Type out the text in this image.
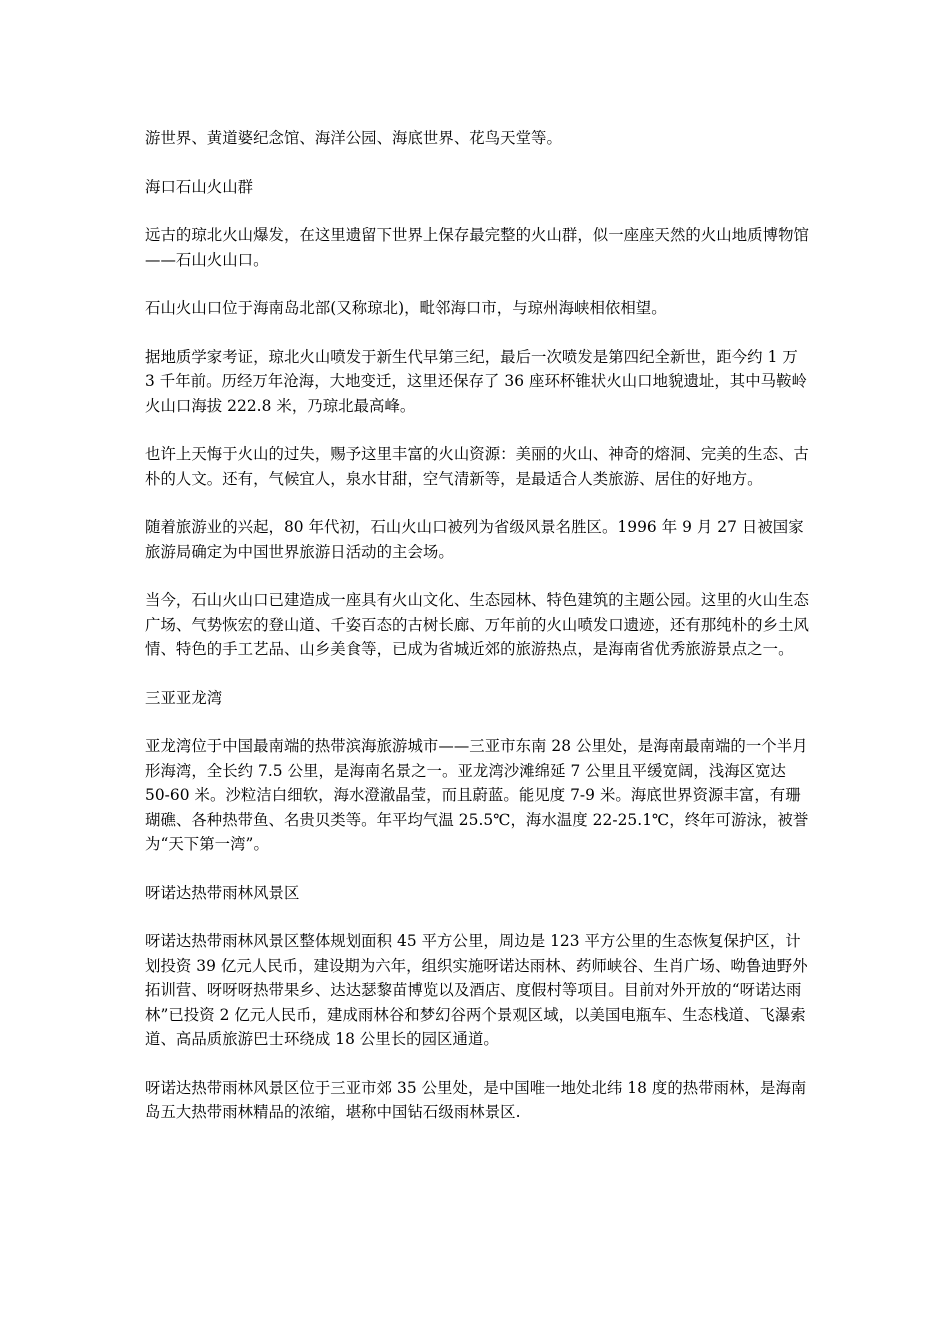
游世界、黄道婆纪念馆、海洋公园、海底世界、花鸟天堂等。

海口石山火山群

远古的琼北火山爆发，在这里遗留下世界上保存最完整的火山群，似一座座天然的火山地质博物馆——石山火山口。

石山火山口位于海南岛北部(又称琼北)，毗邻海口市，与琼州海峡相依相望。

据地质学家考证，琼北火山喷发于新生代早第三纪，最后一次喷发是第四纪全新世，距今约 1 万 3 千年前。历经万年沧海，大地变迁，这里还保存了 36 座环杯锥状火山口地貌遗址，其中马鞍岭火山口海拔 222.8 米，乃琼北最高峰。

也许上天悔于火山的过失，赐予这里丰富的火山资源：美丽的火山、神奇的熔洞、完美的生态、古朴的人文。还有，气候宜人，泉水甘甜，空气清新等，是最适合人类旅游、居住的好地方。

随着旅游业的兴起，80 年代初，石山火山口被列为省级风景名胜区。1996 年 9 月 27 日被国家旅游局确定为中国世界旅游日活动的主会场。

当今，石山火山口已建造成一座具有火山文化、生态园林、特色建筑的主题公园。这里的火山生态广场、气势恢宏的登山道、千姿百态的古树长廊、万年前的火山喷发口遗迹，还有那纯朴的乡土风情、特色的手工艺品、山乡美食等，已成为省城近郊的旅游热点，是海南省优秀旅游景点之一。

三亚亚龙湾

亚龙湾位于中国最南端的热带滨海旅游城市——三亚市东南 28 公里处，是海南最南端的一个半月形海湾，全长约 7.5 公里，是海南名景之一。亚龙湾沙滩绵延 7 公里且平缓宽阔，浅海区宽达 50-60 米。沙粒洁白细软，海水澄澈晶莹，而且蔚蓝。能见度 7-9 米。海底世界资源丰富，有珊瑚礁、各种热带鱼、名贵贝类等。年平均气温 25.5℃，海水温度 22-25.1℃，终年可游泳，被誉为“天下第一湾”。

呀诺达热带雨林风景区

呀诺达热带雨林风景区整体规划面积 45 平方公里，周边是 123 平方公里的生态恢复保护区，计划投资 39 亿元人民币，建设期为六年，组织实施呀诺达雨林、药师峡谷、生肖广场、呦鲁迪野外拓训营、呀呀呀热带果乡、达达瑟黎苗博览以及酒店、度假村等项目。目前对外开放的“呀诺达雨林”已投资 2 亿元人民币，建成雨林谷和梦幻谷两个景观区域，以美国电瓶车、生态栈道、飞瀑索道、高品质旅游巴士环绕成 18 公里长的园区通道。

呀诺达热带雨林风景区位于三亚市郊 35 公里处，是中国唯一地处北纬 18 度的热带雨林，是海南岛五大热带雨林精品的浓缩，堪称中国钻石级雨林景区.
